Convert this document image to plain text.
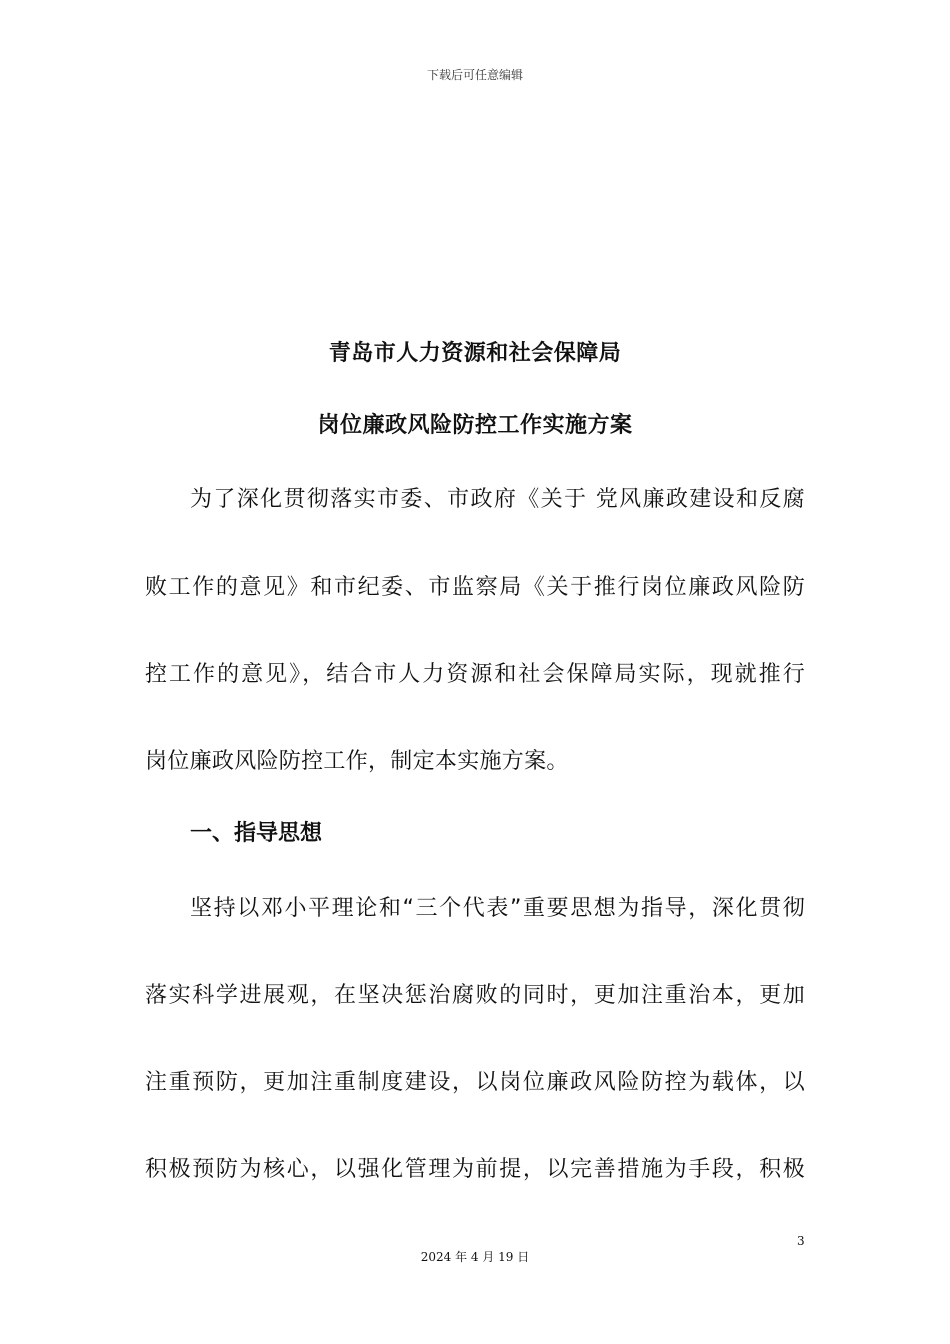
下载后可任意编辑
青岛市人力资源和社会保障局
岗位廉政风险防控工作实施方案
为了深化贯彻落实市委、市政府《关于 党风廉政建设和反腐
败工作的意见》和市纪委、市监察局《关于推行岗位廉政风险防
控工作的意见》，结合市人力资源和社会保障局实际，现就推行
岗位廉政风险防控工作，制定本实施方案。
一、指导思想
坚持以邓小平理论和“三个代表”重要思想为指导，深化贯彻
落实科学进展观，在坚决惩治腐败的同时，更加注重治本，更加
注重预防，更加注重制度建设，以岗位廉政风险防控为载体，以
积极预防为核心，以强化管理为前提，以完善措施为手段，积极
3
2024 年 4 月 19 日
